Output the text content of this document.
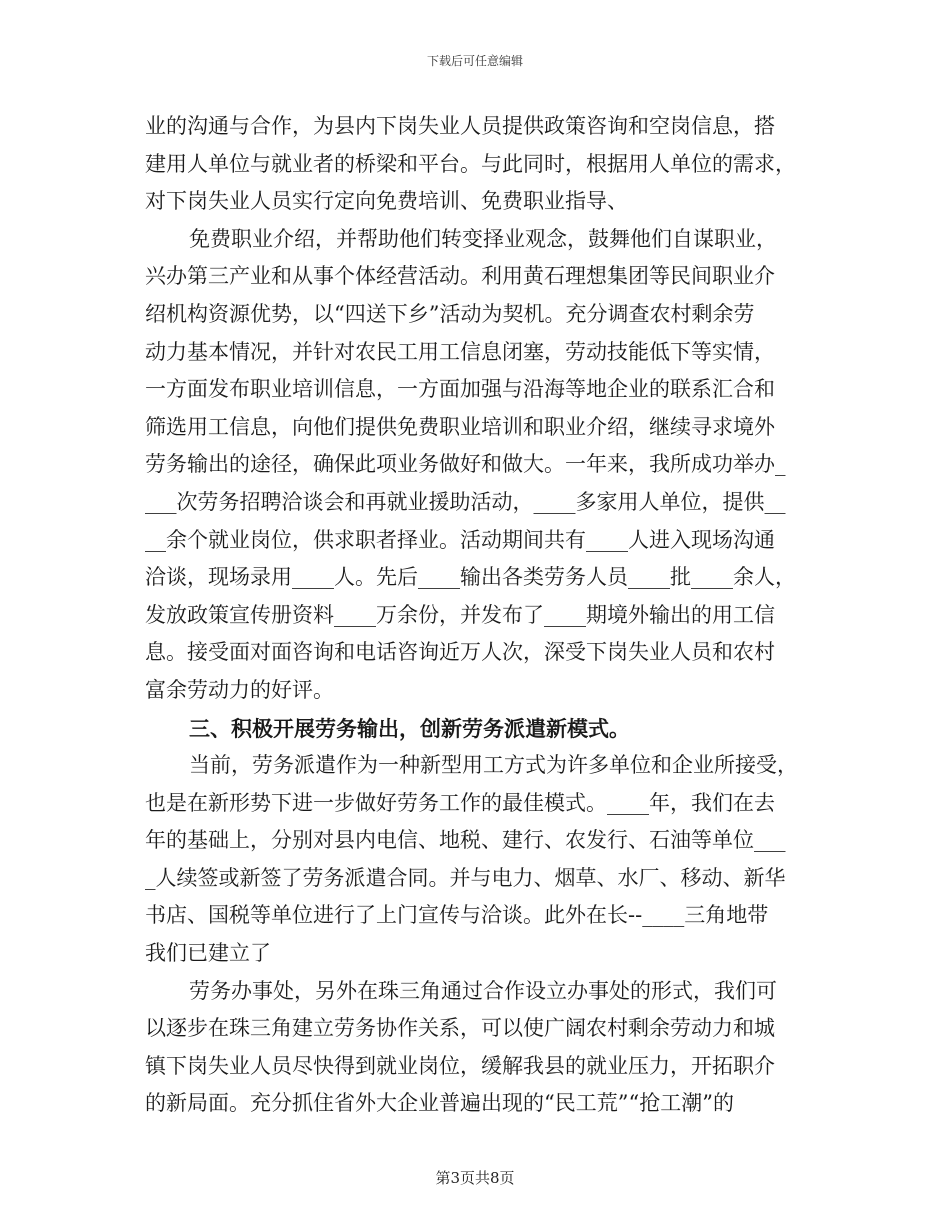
下载后可任意编辑
业的沟通与合作，为县内下岗失业人员提供政策咨询和空岗信息，搭
建用人单位与就业者的桥梁和平台。与此同时，根据用人单位的需求，
对下岗失业人员实行定向免费培训、免费职业指导、
免费职业介绍，并帮助他们转变择业观念，鼓舞他们自谋职业，
兴办第三产业和从事个体经营活动。利用黄石理想集团等民间职业介
绍机构资源优势，以“四送下乡”活动为契机。充分调查农村剩余劳
动力基本情况，并针对农民工用工信息闭塞，劳动技能低下等实情，
一方面发布职业培训信息，一方面加强与沿海等地企业的联系汇合和
筛选用工信息，向他们提供免费职业培训和职业介绍，继续寻求境外
劳务输出的途径，确保此项业务做好和做大。一年来，我所成功举办_
___次劳务招聘洽谈会和再就业援助活动，____多家用人单位，提供__
__余个就业岗位，供求职者择业。活动期间共有____人进入现场沟通
洽谈，现场录用____人。先后____输出各类劳务人员____批____余人，
发放政策宣传册资料____万余份，并发布了____期境外输出的用工信
息。接受面对面咨询和电话咨询近万人次，深受下岗失业人员和农村
富余劳动力的好评。
三、积极开展劳务输出，创新劳务派遣新模式。
当前，劳务派遣作为一种新型用工方式为许多单位和企业所接受，
也是在新形势下进一步做好劳务工作的最佳模式。____年，我们在去
年的基础上，分别对县内电信、地税、建行、农发行、石油等单位___
_人续签或新签了劳务派遣合同。并与电力、烟草、水厂、移动、新华
书店、国税等单位进行了上门宣传与洽谈。此外在长--____三角地带
我们已建立了
劳务办事处，另外在珠三角通过合作设立办事处的形式，我们可
以逐步在珠三角建立劳务协作关系，可以使广阔农村剩余劳动力和城
镇下岗失业人员尽快得到就业岗位，缓解我县的就业压力，开拓职介
的新局面。充分抓住省外大企业普遍出现的“民工荒”“抢工潮”的
第3页共8页
